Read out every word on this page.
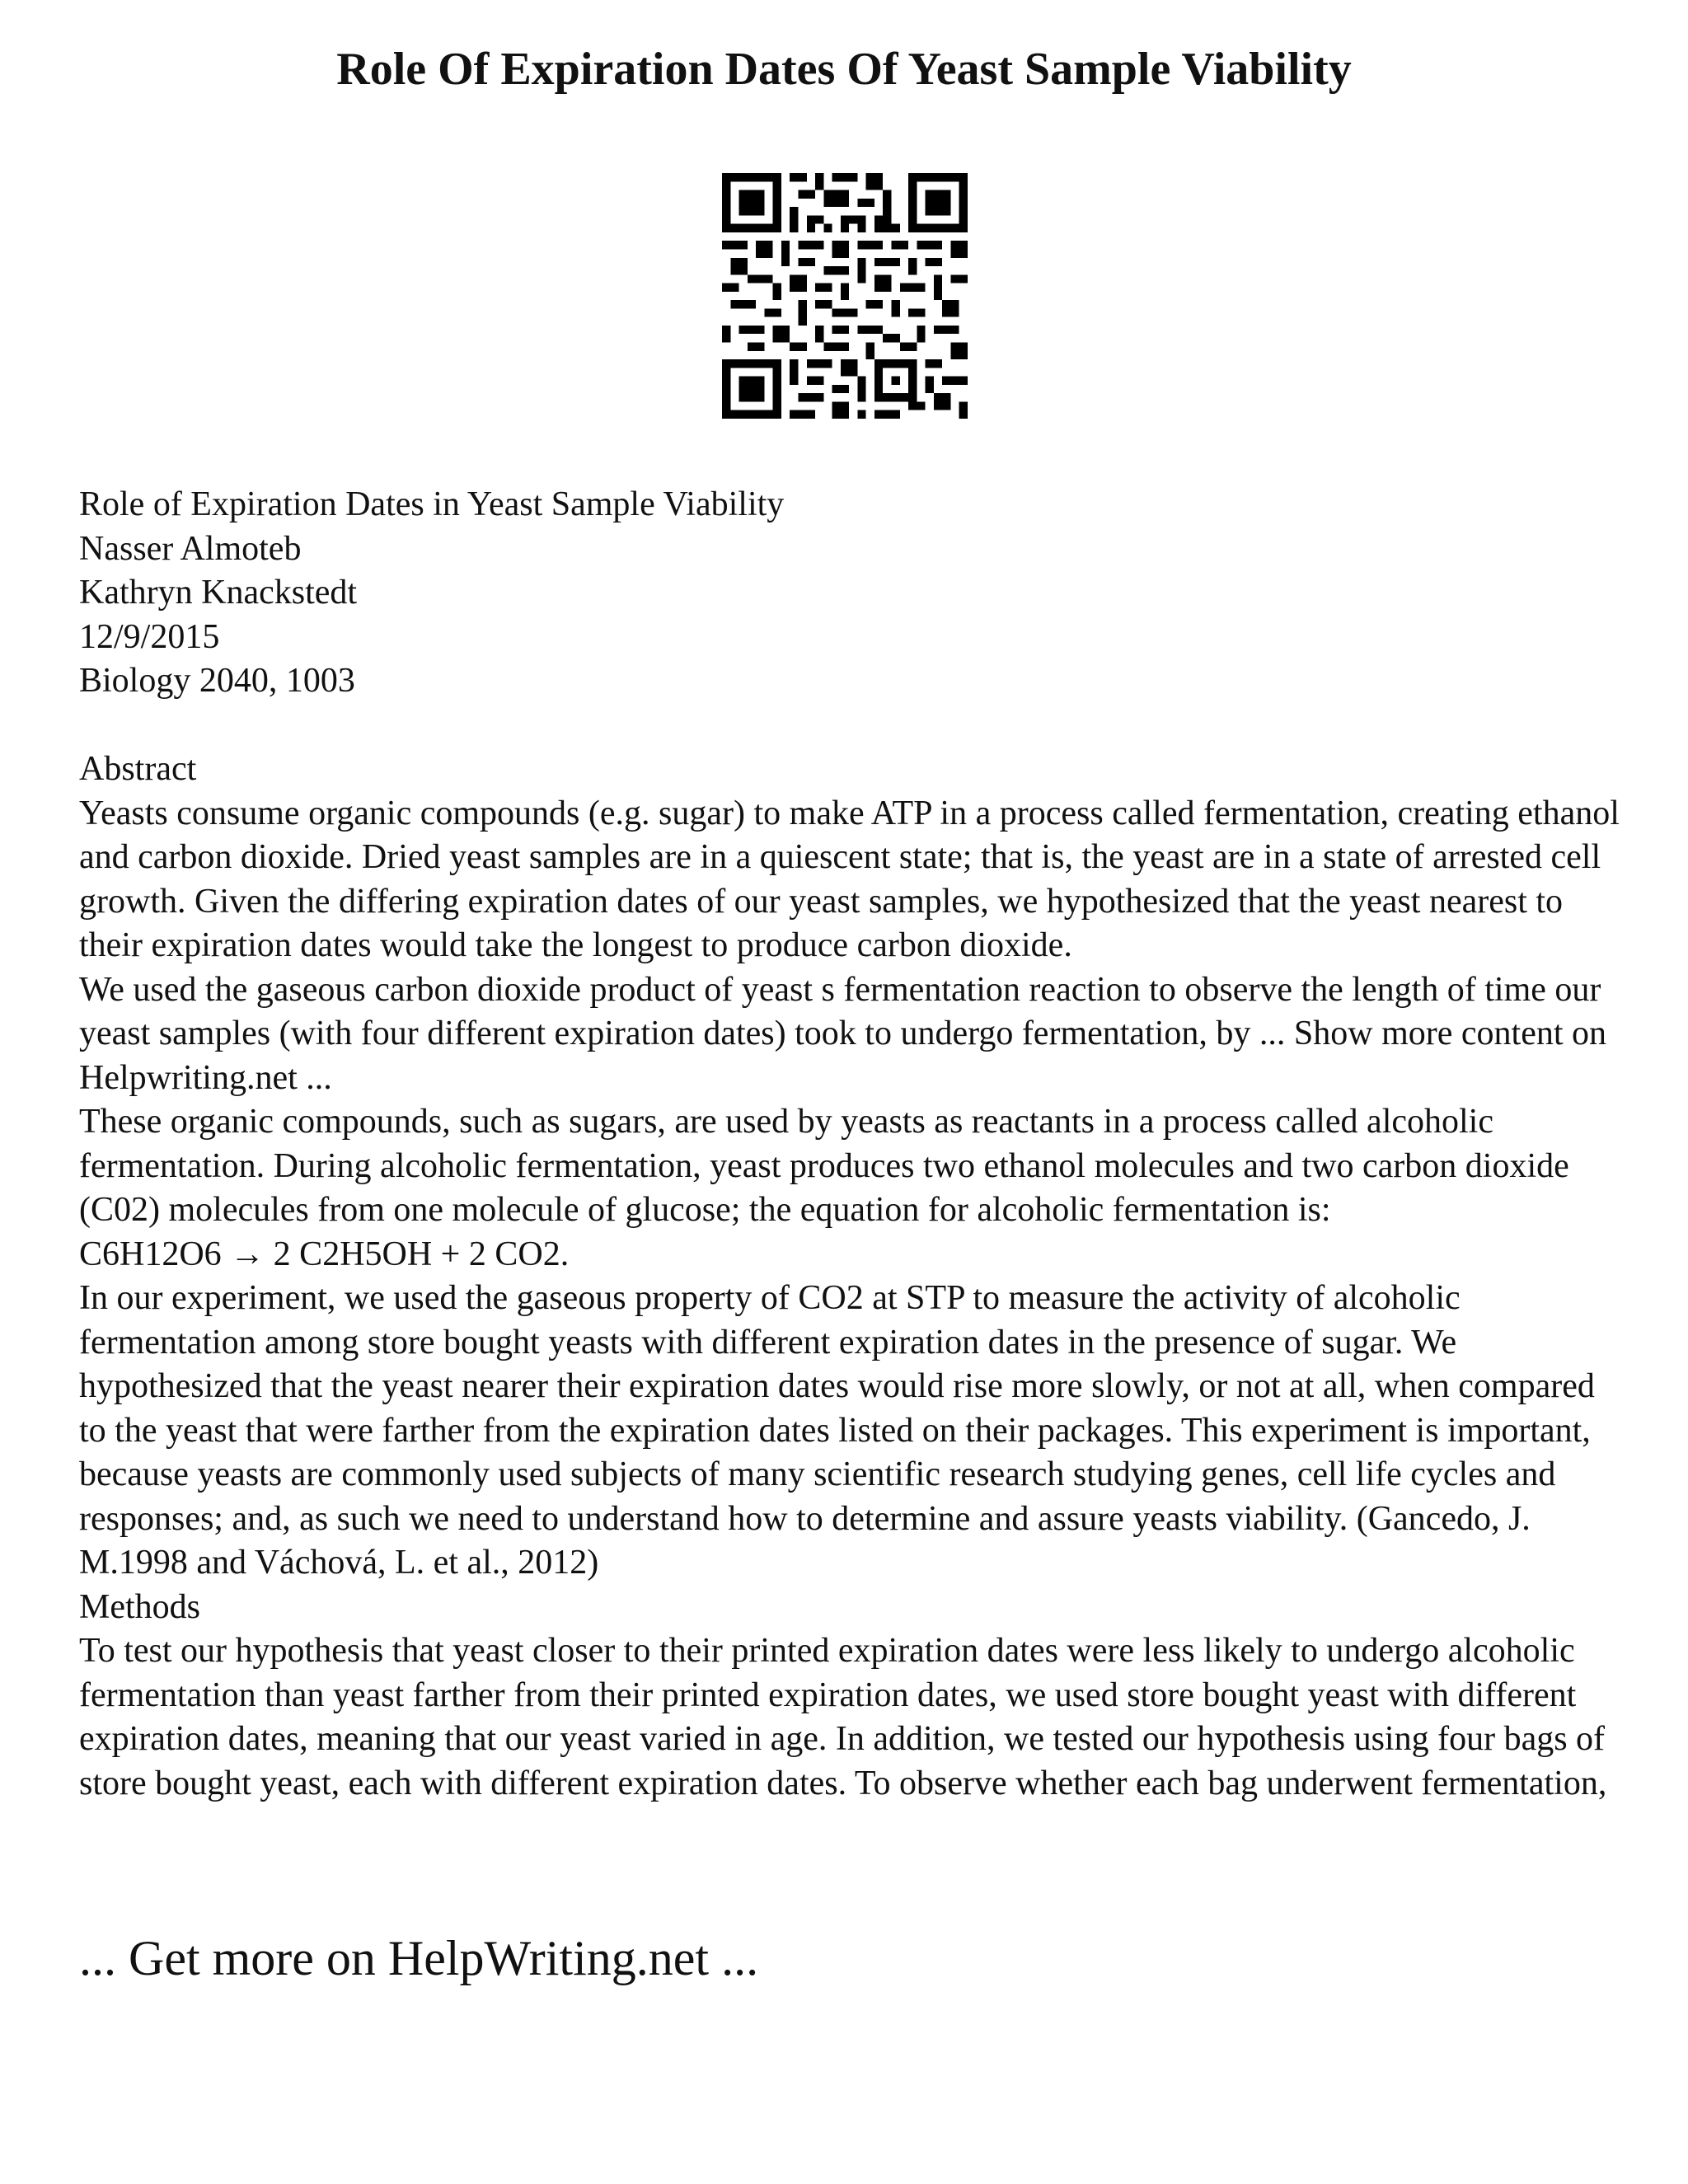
Role Of Expiration Dates Of Yeast Sample Viability

Role of Expiration Dates in Yeast Sample Viability

Nasser Almoteb

Kathryn Knackstedt

12/9/2015

Biology 2040, 1003

Abstract

Yeasts consume organic compounds (e.g. sugar) to make ATP in a process called fermentation, creating ethanol and carbon dioxide. Dried yeast samples are in a quiescent state; that is, the yeast are in a state of arrested cell growth. Given the differing expiration dates of our yeast samples, we hypothesized that the yeast nearest to their expiration dates would take the longest to produce carbon dioxide.

We used the gaseous carbon dioxide product of yeast s fermentation reaction to observe the length of time our yeast samples (with four different expiration dates) took to undergo fermentation, by ... Show more content on Helpwriting.net ...

These organic compounds, such as sugars, are used by yeasts as reactants in a process called alcoholic fermentation. During alcoholic fermentation, yeast produces two ethanol molecules and two carbon dioxide (C02) molecules from one molecule of glucose; the equation for alcoholic fermentation is:

C6H12O6 → 2 C2H5OH + 2 CO2.

In our experiment, we used the gaseous property of CO2 at STP to measure the activity of alcoholic fermentation among store bought yeasts with different expiration dates in the presence of sugar. We hypothesized that the yeast nearer their expiration dates would rise more slowly, or not at all, when compared to the yeast that were farther from the expiration dates listed on their packages. This experiment is important, because yeasts are commonly used subjects of many scientific research studying genes, cell life cycles and responses; and, as such we need to understand how to determine and assure yeasts viability. (Gancedo, J. M.1998 and Váchová, L. et al., 2012)

Methods

To test our hypothesis that yeast closer to their printed expiration dates were less likely to undergo alcoholic fermentation than yeast farther from their printed expiration dates, we used store bought yeast with different expiration dates, meaning that our yeast varied in age. In addition, we tested our hypothesis using four bags of store bought yeast, each with different expiration dates. To observe whether each bag underwent fermentation,

... Get more on HelpWriting.net ...
